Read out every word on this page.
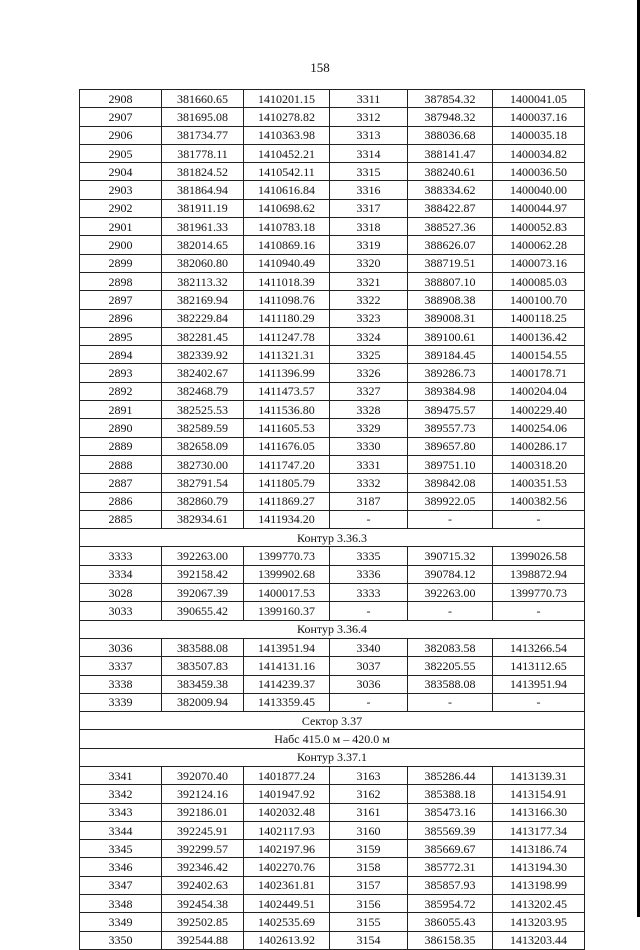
158
2908	381660.65	1410201.15	3311	387854.32	1400041.05
2907	381695.08	1410278.82	3312	387948.32	1400037.16
2906	381734.77	1410363.98	3313	388036.68	1400035.18
2905	381778.11	1410452.21	3314	388141.47	1400034.82
2904	381824.52	1410542.11	3315	388240.61	1400036.50
2903	381864.94	1410616.84	3316	388334.62	1400040.00
2902	381911.19	1410698.62	3317	388422.87	1400044.97
2901	381961.33	1410783.18	3318	388527.36	1400052.83
2900	382014.65	1410869.16	3319	388626.07	1400062.28
2899	382060.80	1410940.49	3320	388719.51	1400073.16
2898	382113.32	1411018.39	3321	388807.10	1400085.03
2897	382169.94	1411098.76	3322	388908.38	1400100.70
2896	382229.84	1411180.29	3323	389008.31	1400118.25
2895	382281.45	1411247.78	3324	389100.61	1400136.42
2894	382339.92	1411321.31	3325	389184.45	1400154.55
2893	382402.67	1411396.99	3326	389286.73	1400178.71
2892	382468.79	1411473.57	3327	389384.98	1400204.04
2891	382525.53	1411536.80	3328	389475.57	1400229.40
2890	382589.59	1411605.53	3329	389557.73	1400254.06
2889	382658.09	1411676.05	3330	389657.80	1400286.17
2888	382730.00	1411747.20	3331	389751.10	1400318.20
2887	382791.54	1411805.79	3332	389842.08	1400351.53
2886	382860.79	1411869.27	3187	389922.05	1400382.56
2885	382934.61	1411934.20	-	-	-
Контур 3.36.3					
3333	392263.00	1399770.73	3335	390715.32	1399026.58
3334	392158.42	1399902.68	3336	390784.12	1398872.94
3028	392067.39	1400017.53	3333	392263.00	1399770.73
3033	390655.42	1399160.37	-	-	-
Контур 3.36.4					
3036	383588.08	1413951.94	3340	382083.58	1413266.54
3337	383507.83	1414131.16	3037	382205.55	1413112.65
3338	383459.38	1414239.37	3036	383588.08	1413951.94
3339	382009.94	1413359.45	-	-	-
Сектор 3.37					
Набс 415.0 м – 420.0 м					
Контур 3.37.1					
3341	392070.40	1401877.24	3163	385286.44	1413139.31
3342	392124.16	1401947.92	3162	385388.18	1413154.91
3343	392186.01	1402032.48	3161	385473.16	1413166.30
3344	392245.91	1402117.93	3160	385569.39	1413177.34
3345	392299.57	1402197.96	3159	385669.67	1413186.74
3346	392346.42	1402270.76	3158	385772.31	1413194.30
3347	392402.63	1402361.81	3157	385857.93	1413198.99
3348	392454.38	1402449.51	3156	385954.72	1413202.45
3349	392502.85	1402535.69	3155	386055.43	1413203.95
3350	392544.88	1402613.92	3154	386158.35	1413203.44
